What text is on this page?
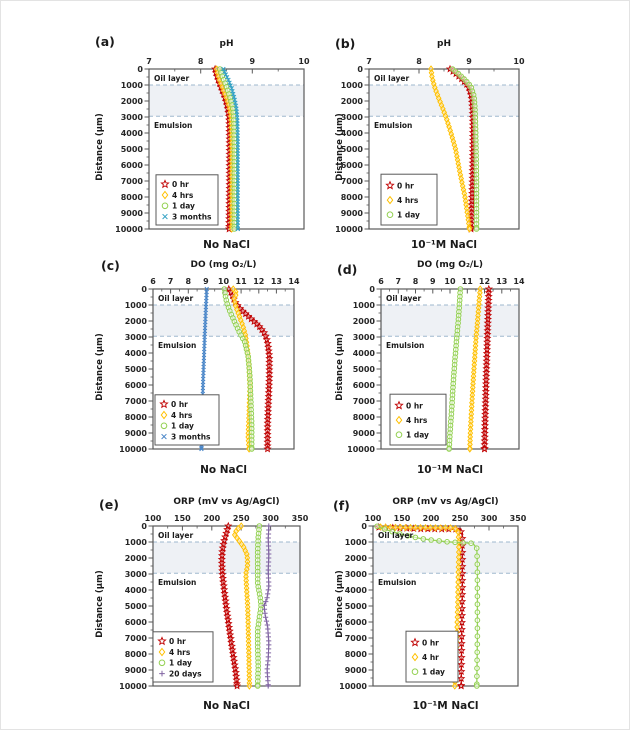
7	8	9	10
0
1000
2000
3000
4000
5000
6000
7000
8000
9000
10000
0 hr
4 hrs
1 day
3 months
7	8	9	10
0
1000
2000
3000
4000
5000
6000
7000
8000
9000
10000
0 hr
4 hrs
1 day
6 7 8 9 10 11 12 13 14
0
1000
2000
3000
4000
5000
6000
7000
8000
9000
10000
0 hr
4 hrs
1 day
3 months
6 7 8 9 10 11 12 13 14
0
1000
2000
3000
4000
5000
6000
7000
8000
9000
10000
0 hr
4 hrs
1 day
100 150 200 250 300 350
0
1000
2000
3000
4000
5000
6000
7000
8000
9000
10000
0 hr
4 hrs
1 day
20 days
100 150 200 250 300 350
0
1000
2000
3000
4000
5000
6000
7000
8000
9000
10000
0 hr
4 hr
1 day
(a)	(b)
(c)	(d)
(e)	(f)
pH	pH
DO (mg O₂/L)	DO (mg O₂/L)
ORP (mV vs Ag/AgCl)	ORP (mV vs Ag/AgCl)
No NaCl	10⁻¹M NaCl
No NaCl	10⁻¹M NaCl
No NaCl	10⁻¹M NaCl
Distance (μm)	Distance (μm)
Distance (μm)	Distance (μm)
Distance (μm)	Distance (μm)
Oil layer	Oil layer
Oil layer	Oil layer
Oil layer	Oil layer
Emulsion	Emulsion
Emulsion	Emulsion
Emulsion	Emulsion
